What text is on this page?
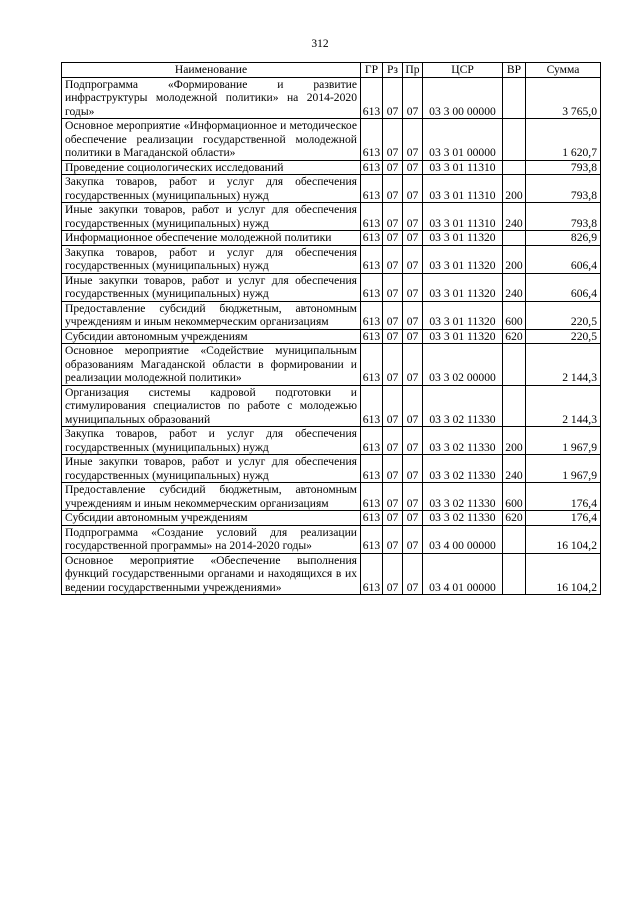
312
Наименование	ГР	Рз	Пр	ЦСР	ВР	Сумма
Подпрограмма «Формирование и развитие инфраструктуры молодежной политики» на 2014-2020 годы»	613	07	07	03 3 00 00000		3 765,0
Основное мероприятие «Информационное и методическое обеспечение реализации государственной молодежной политики в Магаданской области»	613	07	07	03 3 01 00000		1 620,7
Проведение социологических исследований	613	07	07	03 3 01 11310		793,8
Закупка товаров, работ и услуг для обеспечения государственных (муниципальных) нужд	613	07	07	03 3 01 11310	200	793,8
Иные закупки товаров, работ и услуг для обеспечения государственных (муниципальных) нужд	613	07	07	03 3 01 11310	240	793,8
Информационное обеспечение молодежной политики	613	07	07	03 3 01 11320		826,9
Закупка товаров, работ и услуг для обеспечения государственных (муниципальных) нужд	613	07	07	03 3 01 11320	200	606,4
Иные закупки товаров, работ и услуг для обеспечения государственных (муниципальных) нужд	613	07	07	03 3 01 11320	240	606,4
Предоставление субсидий бюджетным, автономным учреждениям и иным некоммерческим организациям	613	07	07	03 3 01 11320	600	220,5
Субсидии автономным учреждениям	613	07	07	03 3 01 11320	620	220,5
Основное мероприятие «Содействие муниципальным образованиям Магаданской области в формировании и реализации молодежной политики»	613	07	07	03 3 02 00000		2 144,3
Организация системы кадровой подготовки и стимулирования специалистов по работе с молодежью муниципальных образований	613	07	07	03 3 02 11330		2 144,3
Закупка товаров, работ и услуг для обеспечения государственных (муниципальных) нужд	613	07	07	03 3 02 11330	200	1 967,9
Иные закупки товаров, работ и услуг для обеспечения государственных (муниципальных) нужд	613	07	07	03 3 02 11330	240	1 967,9
Предоставление субсидий бюджетным, автономным учреждениям и иным некоммерческим организациям	613	07	07	03 3 02 11330	600	176,4
Субсидии автономным учреждениям	613	07	07	03 3 02 11330	620	176,4
Подпрограмма «Создание условий для реализации государственной программы» на 2014-2020 годы»	613	07	07	03 4 00 00000		16 104,2
Основное мероприятие «Обеспечение выполнения функций государственными органами и находящихся в их ведении государственными учреждениями»	613	07	07	03 4 01 00000		16 104,2
